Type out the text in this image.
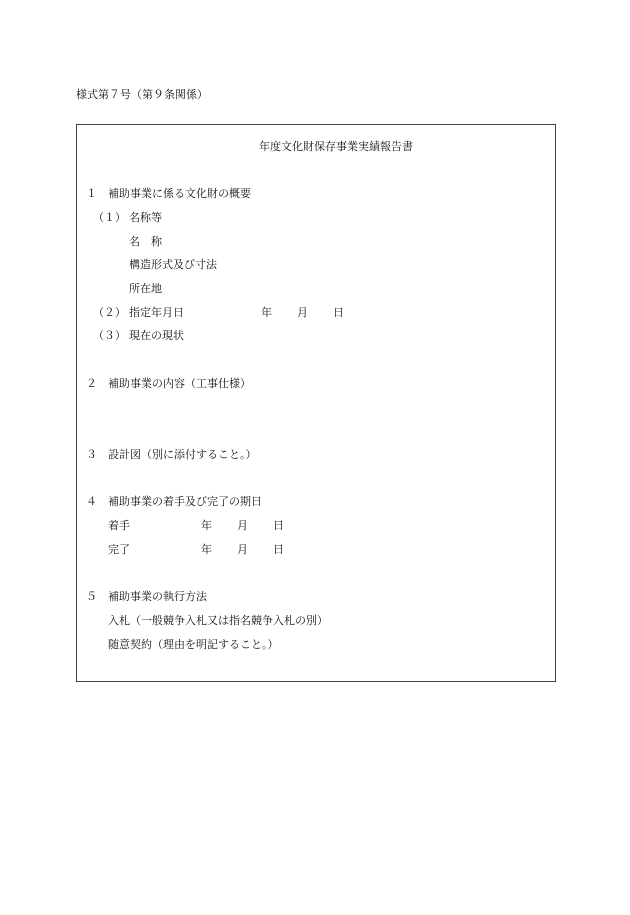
様式第７号（第９条関係）
年度文化財保存事業実績報告書
１　補助事業に係る文化財の概要
（１） 名称等
名　称
構造形式及び寸法
所在地
（２） 指定年月日	年 月 日
（３） 現在の現状
２　補助事業の内容（工事仕様）
３　設計図（別に添付すること。）
４　補助事業の着手及び完了の期日
着手	年 月 日
完了	年 月 日
５　補助事業の執行方法
入札（一般競争入札又は指名競争入札の別）
随意契約（理由を明記すること。）
